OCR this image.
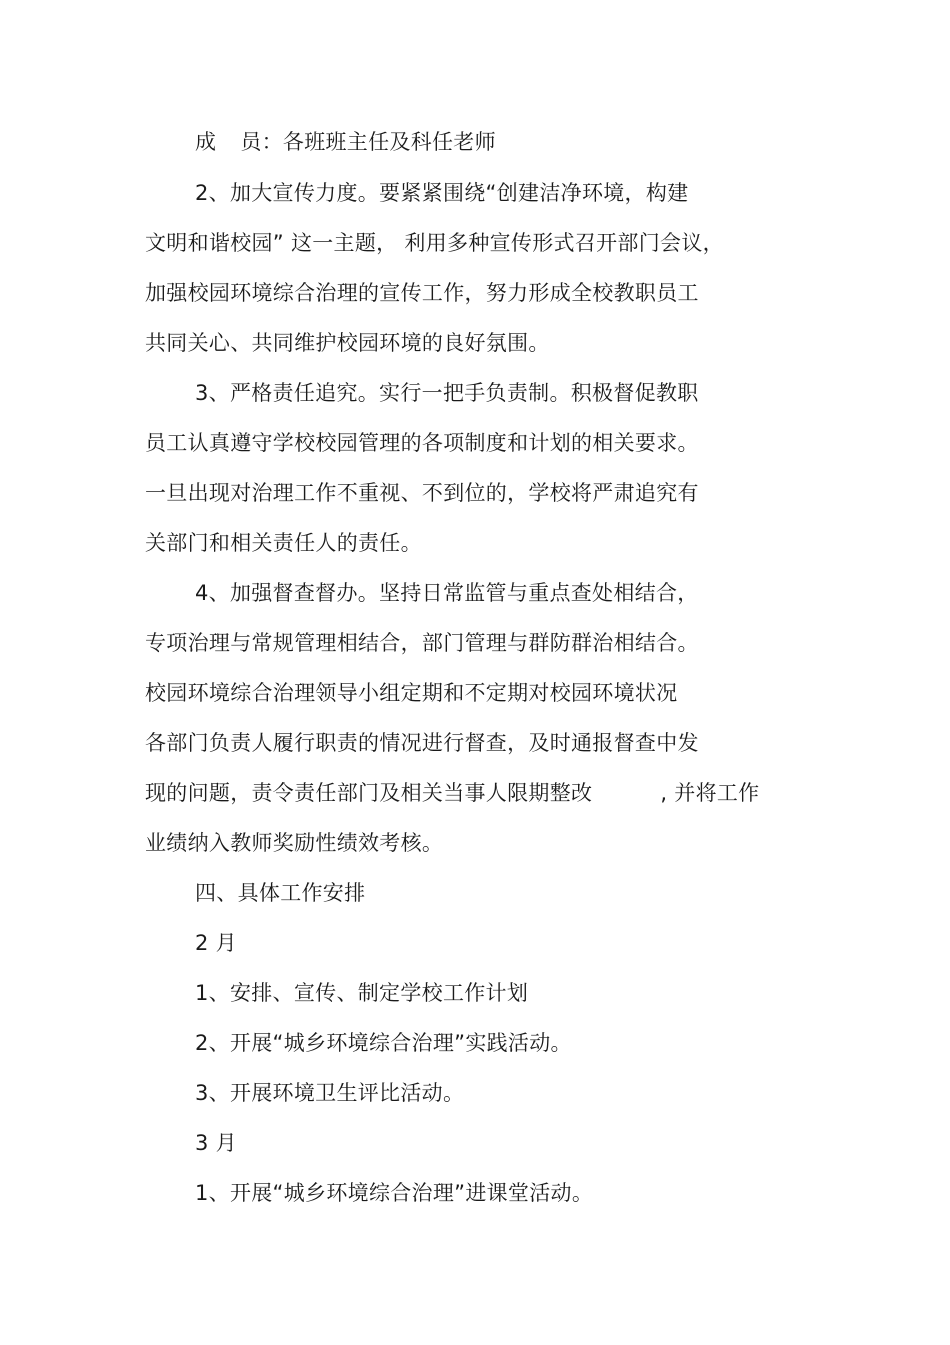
成 员：各班班主任及科任老师
2、加大宣传力度。要紧紧围绕“创建洁净环境，构建
文明和谐校园” 这一主题， 利用多种宣传形式召开部门会议，
加强校园环境综合治理的宣传工作，努力形成全校教职员工
共同关心、共同维护校园环境的良好氛围。
3、严格责任追究。实行一把手负责制。积极督促教职
员工认真遵守学校校园管理的各项制度和计划的相关要求。
一旦出现对治理工作不重视、不到位的，学校将严肃追究有
关部门和相关责任人的责任。
4、加强督查督办。坚持日常监管与重点查处相结合，
专项治理与常规管理相结合，部门管理与群防群治相结合。
校园环境综合治理领导小组定期和不定期对校园环境状况
各部门负责人履行职责的情况进行督查，及时通报督查中发
现的问题，责令责任部门及相关当事人限期整改	, 并将工作
业绩纳入教师奖励性绩效考核。
四、具体工作安排
2 月
1、安排、宣传、制定学校工作计划
2、开展“城乡环境综合治理”实践活动。
3、开展环境卫生评比活动。
3 月
1、开展“城乡环境综合治理”进课堂活动。
